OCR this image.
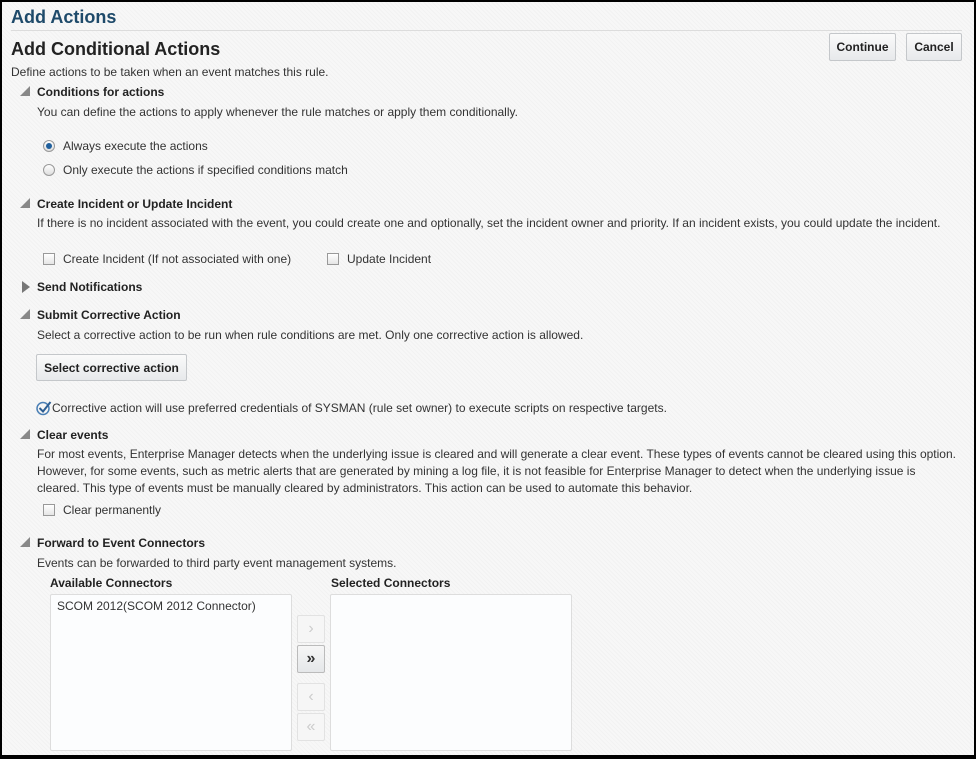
Add Actions
Add Conditional Actions	Continue	Cancel
Define actions to be taken when an event matches this rule.
Conditions for actions
You can define the actions to apply whenever the rule matches or apply them conditionally.
Always execute the actions
Only execute the actions if specified conditions match
Create Incident or Update Incident
If there is no incident associated with the event, you could create one and optionally, set the incident owner and priority. If an incident exists, you could update the incident.
Create Incident (If not associated with one)	Update Incident
Send Notifications
Submit Corrective Action
Select a corrective action to be run when rule conditions are met. Only one corrective action is allowed.
Select corrective action
Corrective action will use preferred credentials of SYSMAN (rule set owner) to execute scripts on respective targets.
Clear events
For most events, Enterprise Manager detects when the underlying issue is cleared and will generate a clear event. These types of events cannot be cleared using this option. However, for some events, such as metric alerts that are generated by mining a log file, it is not feasible for Enterprise Manager to detect when the underlying issue is cleared. This type of events must be manually cleared by administrators. This action can be used to automate this behavior.
Clear permanently
Forward to Event Connectors
Events can be forwarded to third party event management systems.
Available Connectors	Selected Connectors
SCOM 2012(SCOM 2012 Connector)
›
»
‹
«
